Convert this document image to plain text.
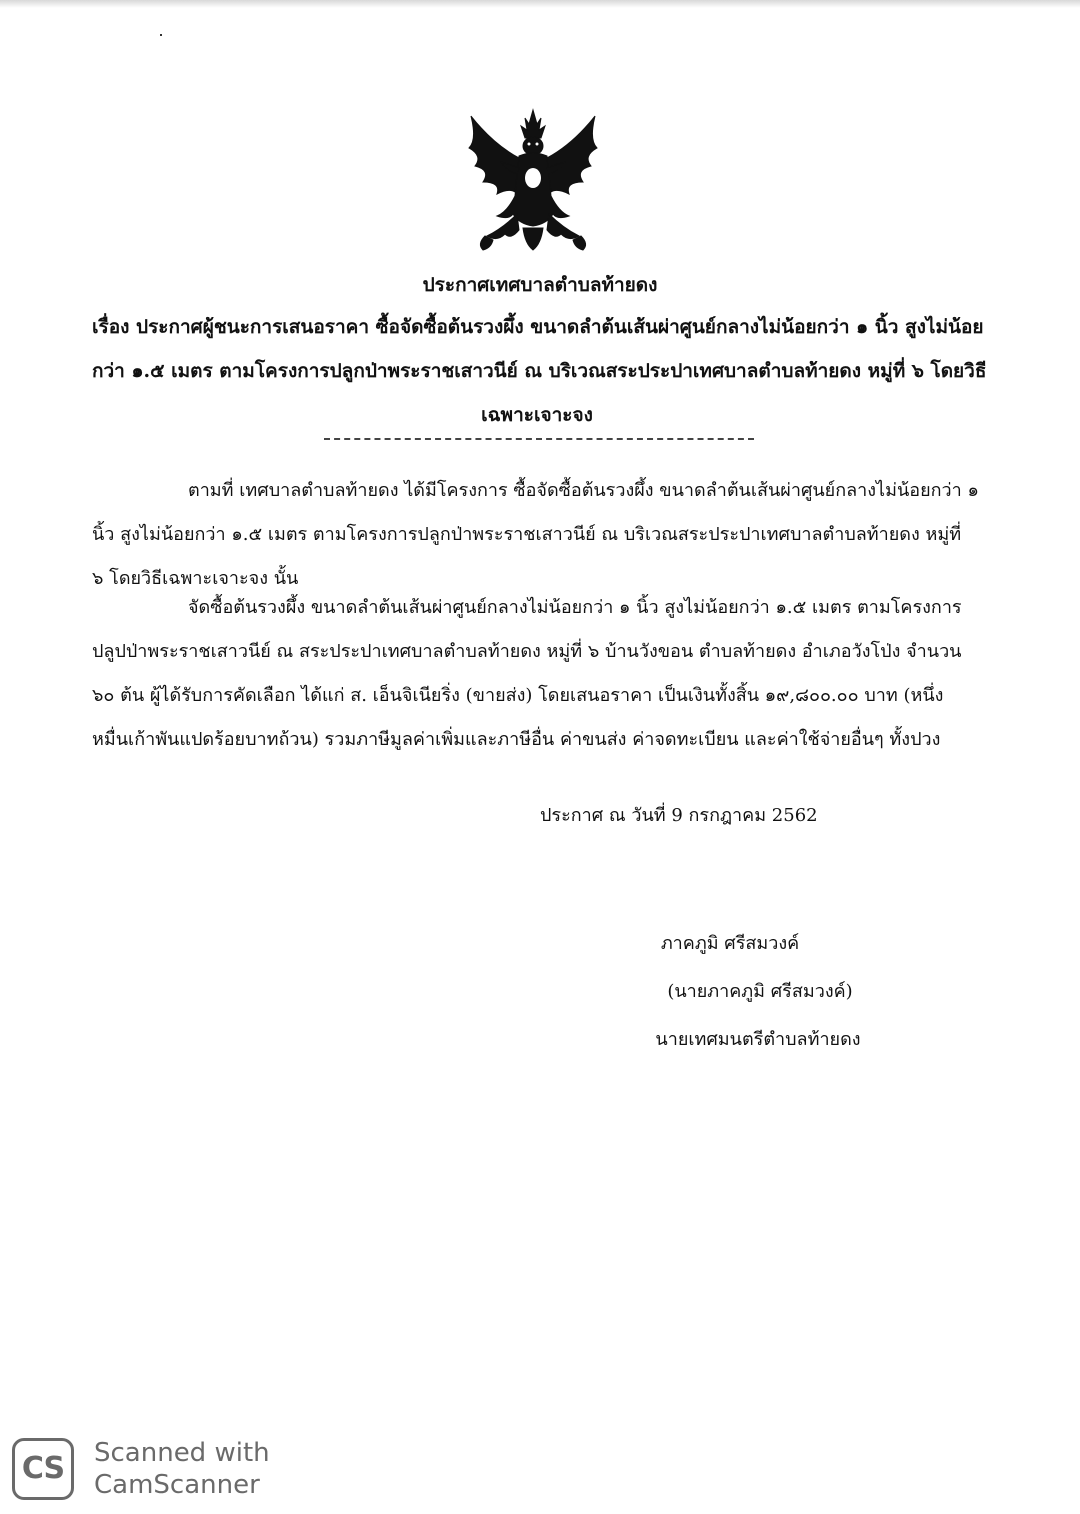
ประกาศเทศบาลตำบลท้ายดง
เรื่อง ประกาศผู้ชนะการเสนอราคา ซื้อจัดซื้อต้นรวงผึ้ง ขนาดลำต้นเส้นผ่าศูนย์กลางไม่น้อยกว่า ๑ นิ้ว สูงไม่น้อย
กว่า ๑.๕ เมตร ตามโครงการปลูกป่าพระราชเสาวนีย์ ณ บริเวณสระประปาเทศบาลตำบลท้ายดง หมู่ที่ ๖ โดยวิธี
เฉพาะเจาะจง
ตามที่ เทศบาลตำบลท้ายดง ได้มีโครงการ ซื้อจัดซื้อต้นรวงผึ้ง ขนาดลำต้นเส้นผ่าศูนย์กลางไม่น้อยกว่า ๑
นิ้ว สูงไม่น้อยกว่า ๑.๕ เมตร ตามโครงการปลูกป่าพระราชเสาวนีย์ ณ บริเวณสระประปาเทศบาลตำบลท้ายดง หมู่ที่
๖ โดยวิธีเฉพาะเจาะจง นั้น
จัดซื้อต้นรวงผึ้ง ขนาดลำต้นเส้นผ่าศูนย์กลางไม่น้อยกว่า ๑ นิ้ว สูงไม่น้อยกว่า ๑.๕ เมตร ตามโครงการ
ปลูปป่าพระราชเสาวนีย์ ณ สระประปาเทศบาลตำบลท้ายดง หมู่ที่ ๖ บ้านวังขอน ตำบลท้ายดง อำเภอวังโป่ง จำนวน
๖๐ ต้น ผู้ได้รับการคัดเลือก ได้แก่ ส. เอ็นจิเนียริ่ง (ขายส่ง) โดยเสนอราคา เป็นเงินทั้งสิ้น ๑๙,๘๐๐.๐๐ บาท (หนึ่ง
หมื่นเก้าพันแปดร้อยบาทถ้วน) รวมภาษีมูลค่าเพิ่มและภาษีอื่น ค่าขนส่ง ค่าจดทะเบียน และค่าใช้จ่ายอื่นๆ ทั้งปวง
ประกาศ ณ วันที่ 9 กรกฎาคม 2562
ภาคภูมิ ศรีสมวงค์
(นายภาคภูมิ ศรีสมวงค์)
นายเทศมนตรีตำบลท้ายดง
CS	Scanned with
CamScanner
